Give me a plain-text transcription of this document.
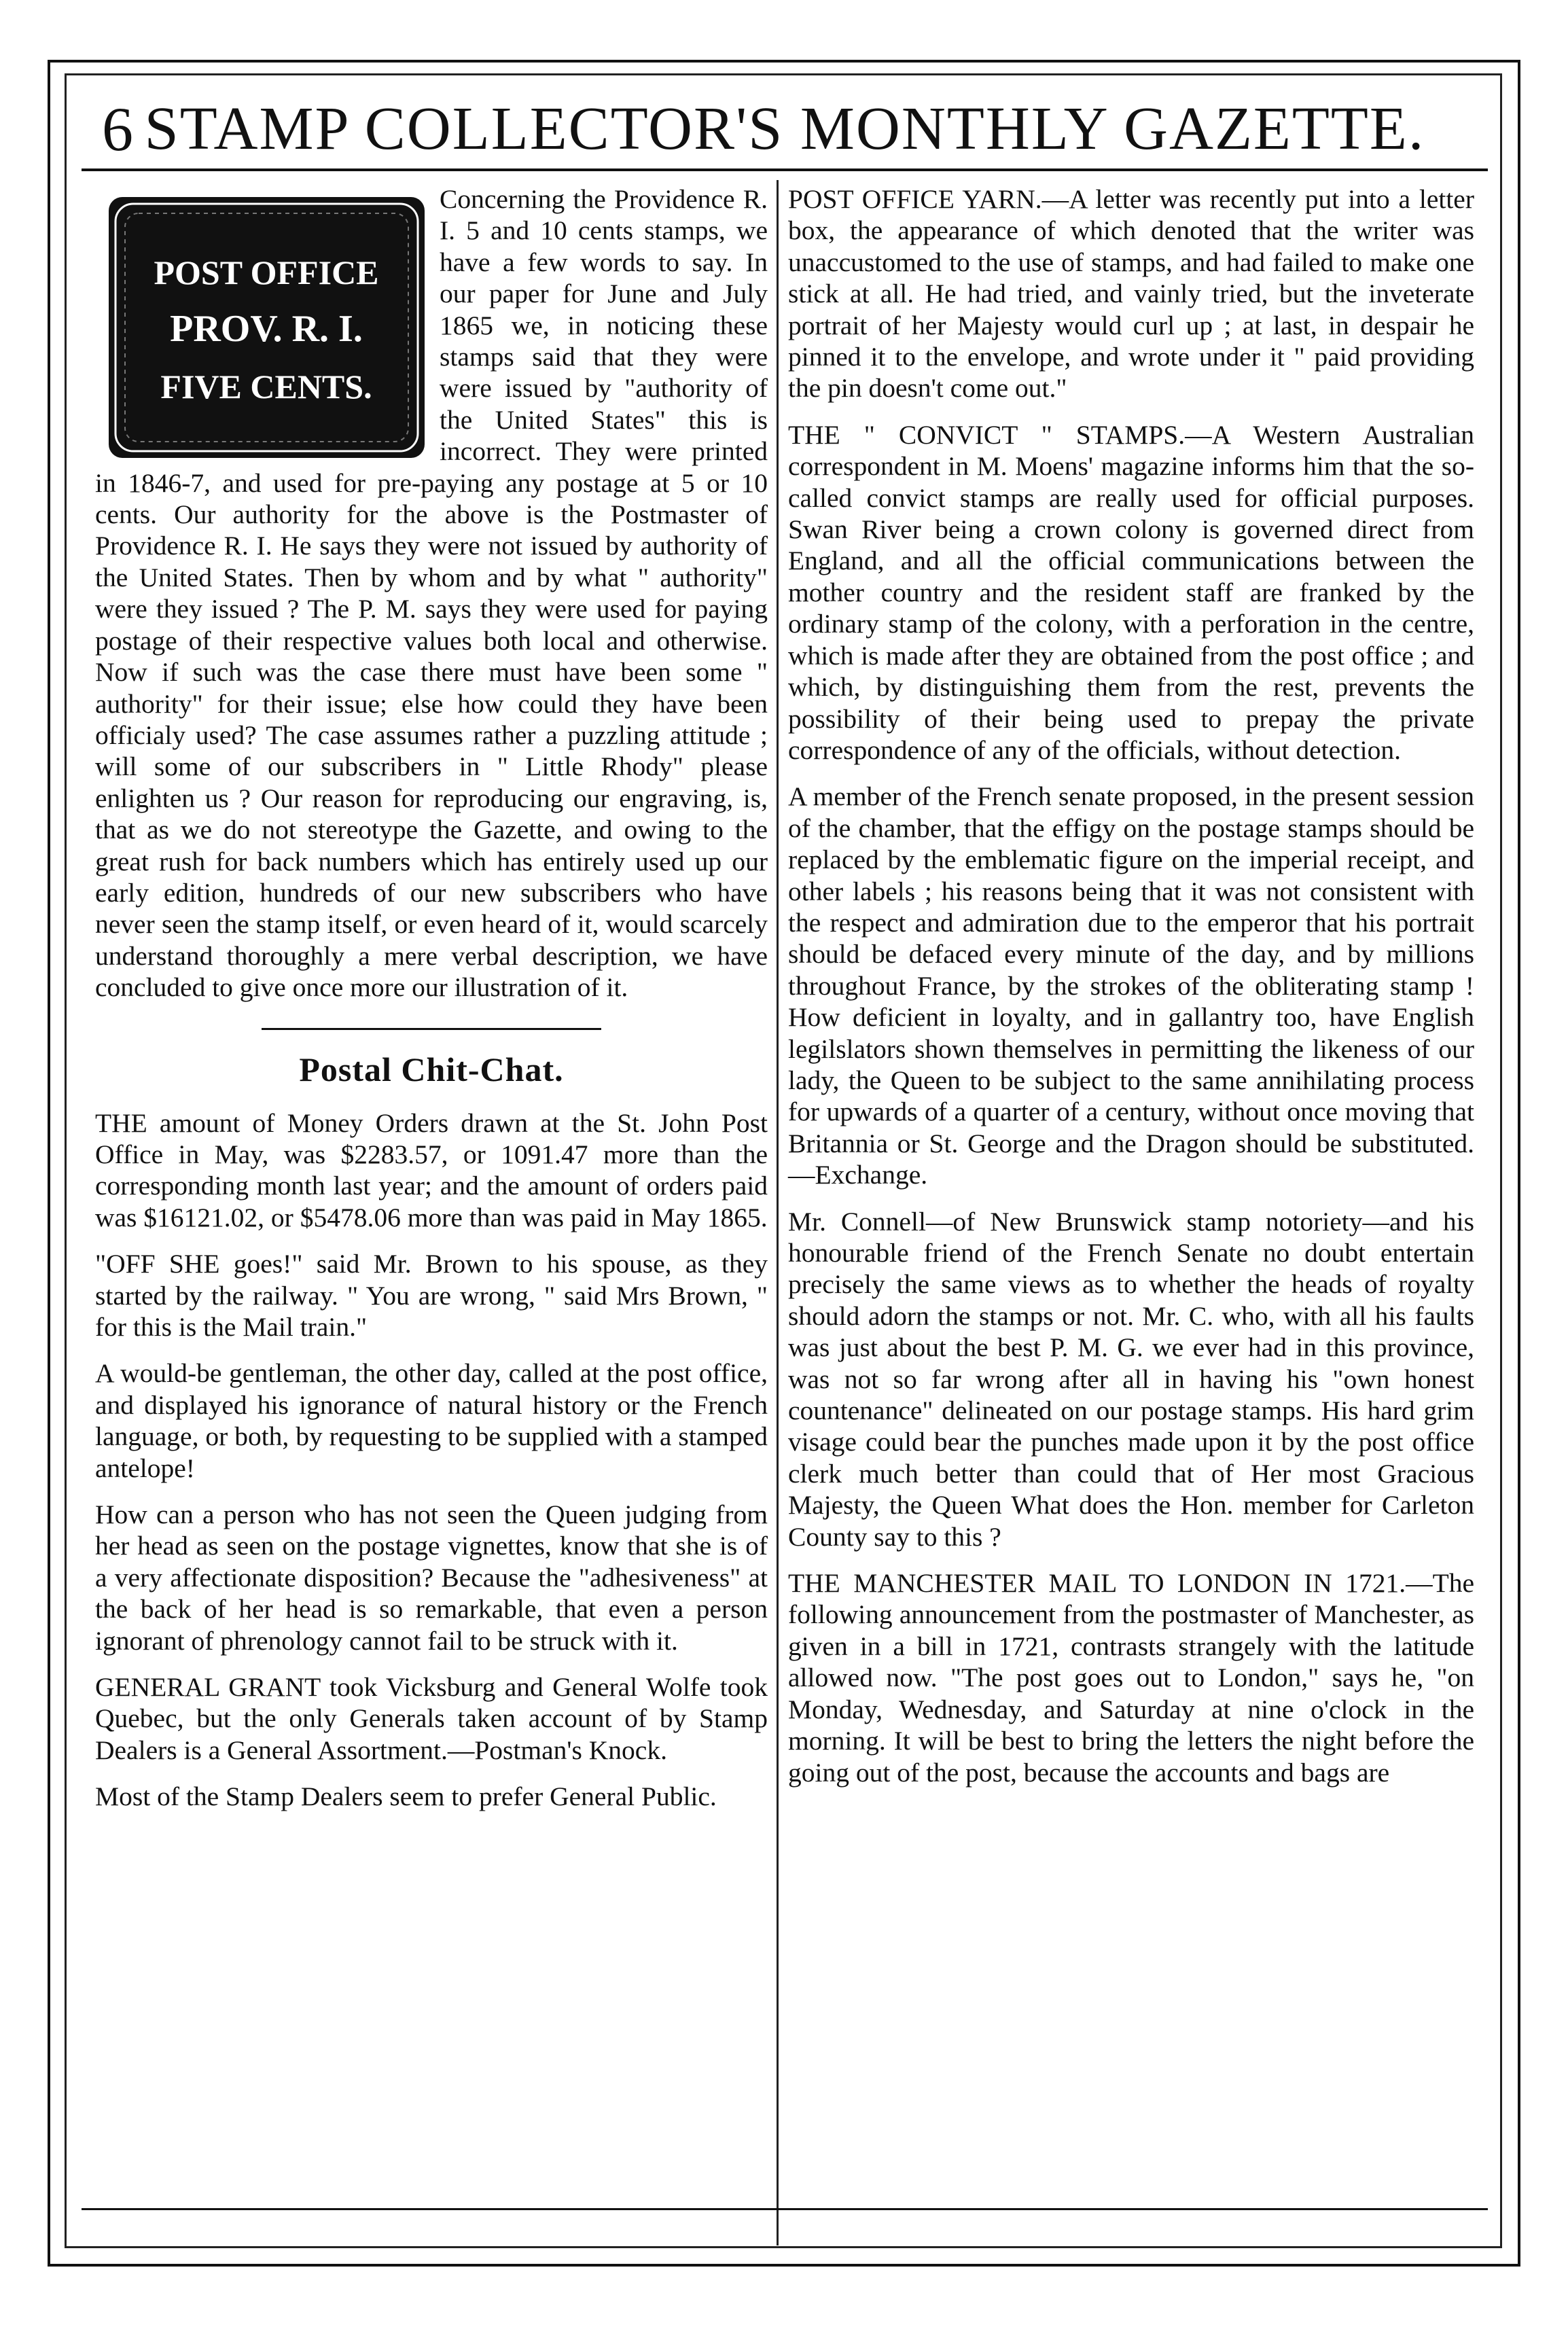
6 STAMP COLLECTOR'S MONTHLY GAZETTE.
POST OFFICE
PROV. R. I.
FIVE CENTS.

Concerning the Providence R. I. 5 and 10 cents stamps, we have a few words to say. In our paper for June and July 1865 we, in noticing these stamps said that they were were issued by "authority of the United States" this is incorrect. They were printed in 1846-7, and used for pre-paying any postage at 5 or 10 cents. Our authority for the above is the Postmaster of Providence R. I. He says they were not issued by authority of the United States. Then by whom and by what " authority" were they issued ? The P. M. says they were used for paying postage of their respective values both local and otherwise. Now if such was the case there must have been some " authority" for their issue; else how could they have been officialy used? The case assumes rather a puzzling attitude ; will some of our subscribers in " Little Rhody" please enlighten us ? Our reason for reproducing our engraving, is, that as we do not stereotype the Gazette, and owing to the great rush for back numbers which has entirely used up our early edition, hundreds of our new subscribers who have never seen the stamp itself, or even heard of it, would scarcely understand thoroughly a mere verbal description, we have concluded to give once more our illustration of it.

Postal Chit-Chat.

THE amount of Money Orders drawn at the St. John Post Office in May, was $2283.57, or 1091.47 more than the corresponding month last year; and the amount of orders paid was $16121.02, or $5478.06 more than was paid in May 1865.

"OFF SHE goes!" said Mr. Brown to his spouse, as they started by the railway. " You are wrong, " said Mrs Brown, " for this is the Mail train."

A would-be gentleman, the other day, called at the post office, and displayed his ignorance of natural history or the French language, or both, by requesting to be supplied with a stamped antelope!

How can a person who has not seen the Queen judging from her head as seen on the postage vignettes, know that she is of a very affectionate disposition? Because the "adhesiveness" at the back of her head is so remarkable, that even a person ignorant of phrenology cannot fail to be struck with it.

GENERAL GRANT took Vicksburg and General Wolfe took Quebec, but the only Generals taken account of by Stamp Dealers is a General Assortment.—Postman's Knock.

Most of the Stamp Dealers seem to prefer General Public.

POST OFFICE YARN.—A letter was recently put into a letter box, the appearance of which denoted that the writer was unaccustomed to the use of stamps, and had failed to make one stick at all. He had tried, and vainly tried, but the inveterate portrait of her Majesty would curl up ; at last, in despair he pinned it to the envelope, and wrote under it " paid providing the pin doesn't come out."

THE " CONVICT " STAMPS.—A Western Australian correspondent in M. Moens' magazine informs him that the so-called convict stamps are really used for official purposes. Swan River being a crown colony is governed direct from England, and all the official communications between the mother country and the resident staff are franked by the ordinary stamp of the colony, with a perforation in the centre, which is made after they are obtained from the post office ; and which, by distinguishing them from the rest, prevents the possibility of their being used to prepay the private correspondence of any of the officials, without detection.

A member of the French senate proposed, in the present session of the chamber, that the effigy on the postage stamps should be replaced by the emblematic figure on the imperial receipt, and other labels ; his reasons being that it was not consistent with the respect and admiration due to the emperor that his portrait should be defaced every minute of the day, and by millions throughout France, by the strokes of the obliterating stamp ! How deficient in loyalty, and in gallantry too, have English legilslators shown themselves in permitting the likeness of our lady, the Queen to be subject to the same annihilating process for upwards of a quarter of a century, without once moving that Britannia or St. George and the Dragon should be substituted.—Exchange.

Mr. Connell—of New Brunswick stamp notoriety—and his honourable friend of the French Senate no doubt entertain precisely the same views as to whether the heads of royalty should adorn the stamps or not. Mr. C. who, with all his faults was just about the best P. M. G. we ever had in this province, was not so far wrong after all in having his "own honest countenance" delineated on our postage stamps. His hard grim visage could bear the punches made upon it by the post office clerk much better than could that of Her most Gracious Majesty, the Queen What does the Hon. member for Carleton County say to this ?

THE MANCHESTER MAIL TO LONDON IN 1721.—The following announcement from the postmaster of Manchester, as given in a bill in 1721, contrasts strangely with the latitude allowed now. "The post goes out to London," says he, "on Monday, Wednesday, and Saturday at nine o'clock in the morning. It will be best to bring the letters the night before the going out of the post, because the accounts and bags are
